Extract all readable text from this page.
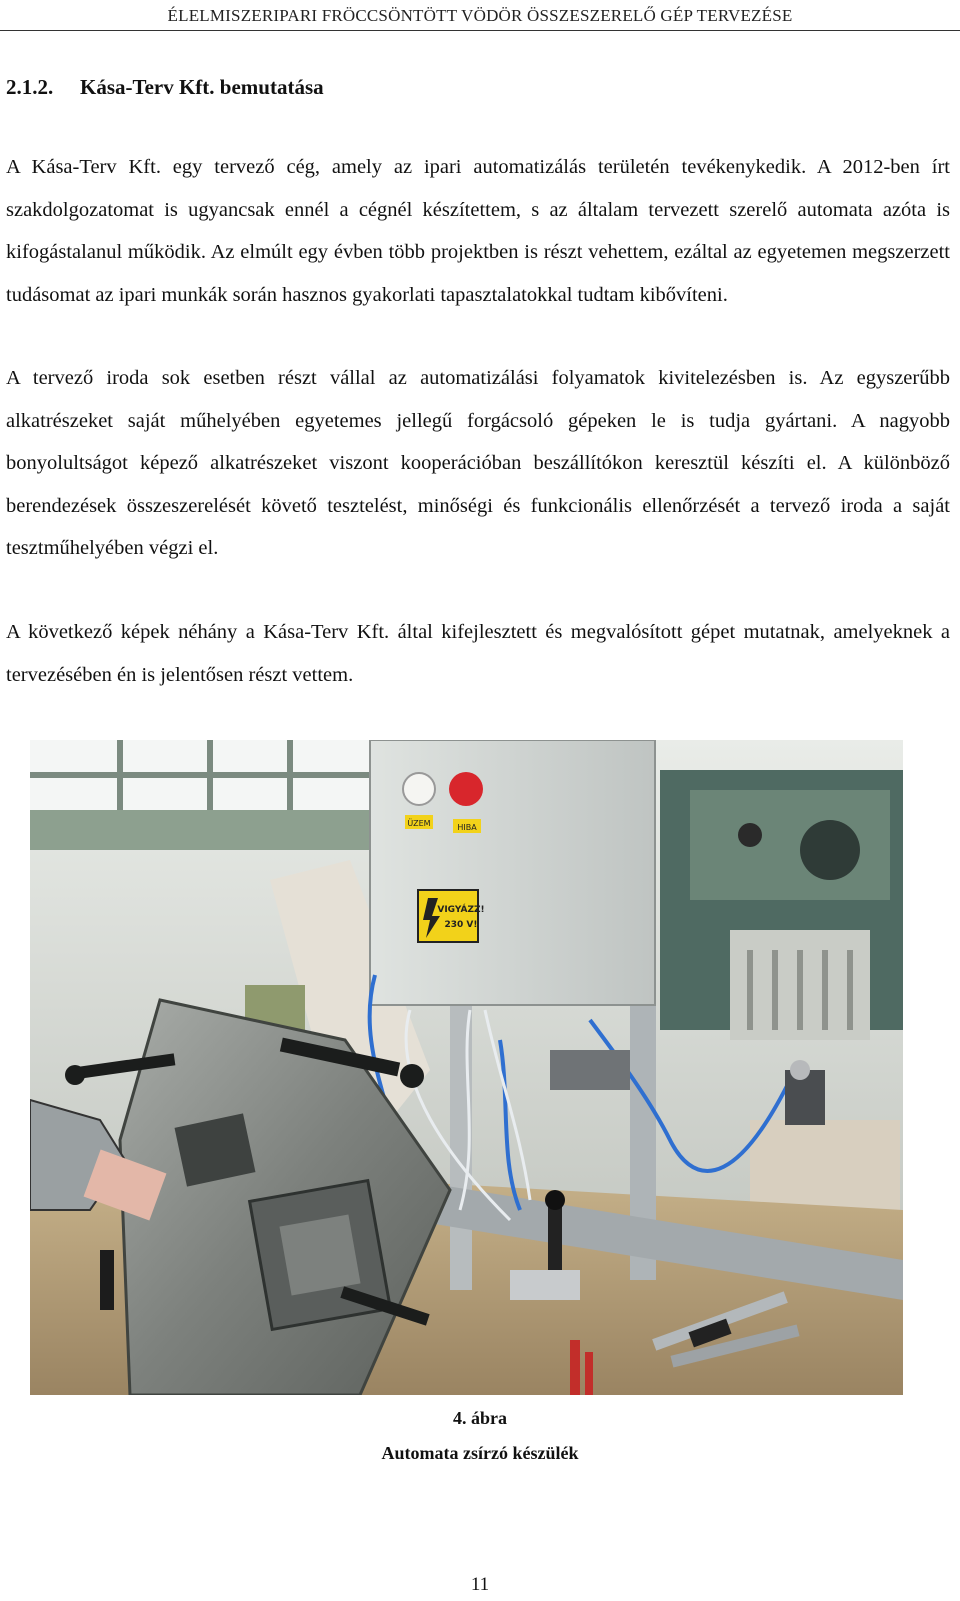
ÉLELMISZERIPARI FRÖCCSÖNTÖTT VÖDÖR ÖSSZESZERELŐ GÉP TERVEZÉSE
2.1.2. Kása-Terv Kft. bemutatása

A Kása-Terv Kft. egy tervező cég, amely az ipari automatizálás területén tevékenykedik. A 2012-ben írt szakdolgozatomat is ugyancsak ennél a cégnél készítettem, s az általam tervezett szerelő automata azóta is kifogástalanul működik. Az elmúlt egy évben több projektben is részt vehettem, ezáltal az egyetemen megszerzett tudásomat az ipari munkák során hasznos gyakorlati tapasztalatokkal tudtam kibővíteni.

A tervező iroda sok esetben részt vállal az automatizálási folyamatok kivitelezésben is. Az egyszerűbb alkatrészeket saját műhelyében egyetemes jellegű forgácsoló gépeken le is tudja gyártani. A nagyobb bonyolultságot képező alkatrészeket viszont kooperációban beszállítókon keresztül készíti el. A különböző berendezések összeszerelését követő tesztelést, minőségi és funkcionális ellenőrzését a tervező iroda a saját tesztműhelyében végzi el.

A következő képek néhány a Kása-Terv Kft. által kifejlesztett és megvalósított gépet mutatnak, amelyeknek a tervezésében én is jelentősen részt vettem.

ÜZEM	HIBA
VIGYÁZZ!
230 V!
4. ábra
Automata zsírzó készülék
11
